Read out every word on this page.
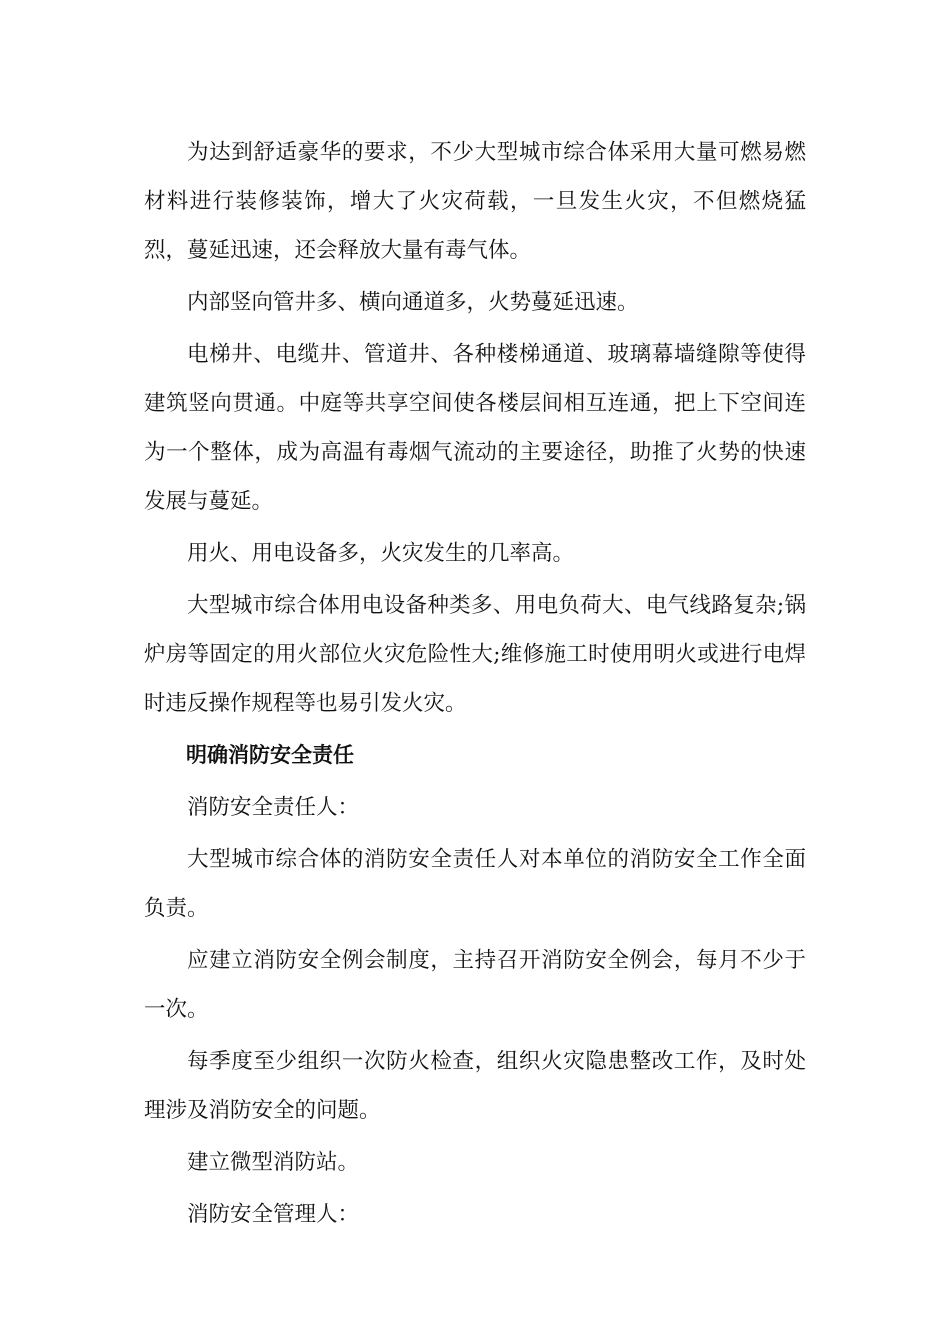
为达到舒适豪华的要求，不少大型城市综合体采用大量可燃易燃材料进行装修装饰，增大了火灾荷载，一旦发生火灾，不但燃烧猛烈，蔓延迅速，还会释放大量有毒气体。

内部竖向管井多、横向通道多，火势蔓延迅速。

电梯井、电缆井、管道井、各种楼梯通道、玻璃幕墙缝隙等使得建筑竖向贯通。中庭等共享空间使各楼层间相互连通，把上下空间连为一个整体，成为高温有毒烟气流动的主要途径，助推了火势的快速发展与蔓延。

用火、用电设备多，火灾发生的几率高。

大型城市综合体用电设备种类多、用电负荷大、电气线路复杂;锅炉房等固定的用火部位火灾危险性大;维修施工时使用明火或进行电焊时违反操作规程等也易引发火灾。

明确消防安全责任

消防安全责任人：

大型城市综合体的消防安全责任人对本单位的消防安全工作全面负责。

应建立消防安全例会制度，主持召开消防安全例会，每月不少于一次。

每季度至少组织一次防火检查，组织火灾隐患整改工作，及时处理涉及消防安全的问题。

建立微型消防站。

消防安全管理人：
